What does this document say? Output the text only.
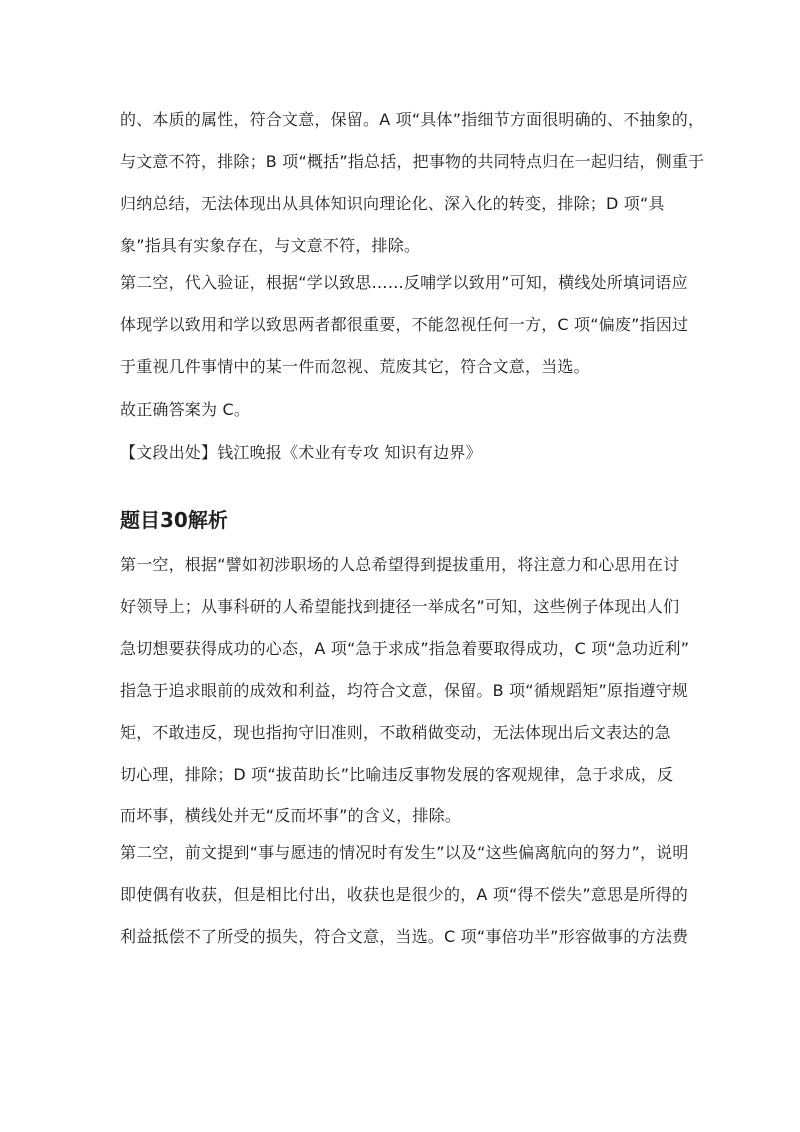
的、本质的属性，符合文意，保留。A 项“具体”指细节方面很明确的、不抽象的，
与文意不符，排除；B 项“概括”指总括，把事物的共同特点归在一起归结，侧重于
归纳总结，无法体现出从具体知识向理论化、深入化的转变，排除；D 项“具
象”指具有实象存在，与文意不符，排除。
第二空，代入验证，根据“学以致思……反哺学以致用”可知，横线处所填词语应
体现学以致用和学以致思两者都很重要，不能忽视任何一方，C 项“偏废”指因过
于重视几件事情中的某一件而忽视、荒废其它，符合文意，当选。
故正确答案为 C。
【文段出处】钱江晚报《术业有专攻 知识有边界》
题目30解析
第一空，根据“譬如初涉职场的人总希望得到提拔重用，将注意力和心思用在讨
好领导上；从事科研的人希望能找到捷径一举成名”可知，这些例子体现出人们
急切想要获得成功的心态，A 项“急于求成”指急着要取得成功，C 项“急功近利”
指急于追求眼前的成效和利益，均符合文意，保留。B 项“循规蹈矩”原指遵守规
矩，不敢违反，现也指拘守旧准则，不敢稍做变动，无法体现出后文表达的急
切心理，排除；D 项“拔苗助长”比喻违反事物发展的客观规律，急于求成，反
而坏事，横线处并无“反而坏事”的含义，排除。
第二空，前文提到“事与愿违的情况时有发生”以及“这些偏离航向的努力”，说明
即使偶有收获，但是相比付出，收获也是很少的，A 项“得不偿失”意思是所得的
利益抵偿不了所受的损失，符合文意，当选。C 项“事倍功半”形容做事的方法费
